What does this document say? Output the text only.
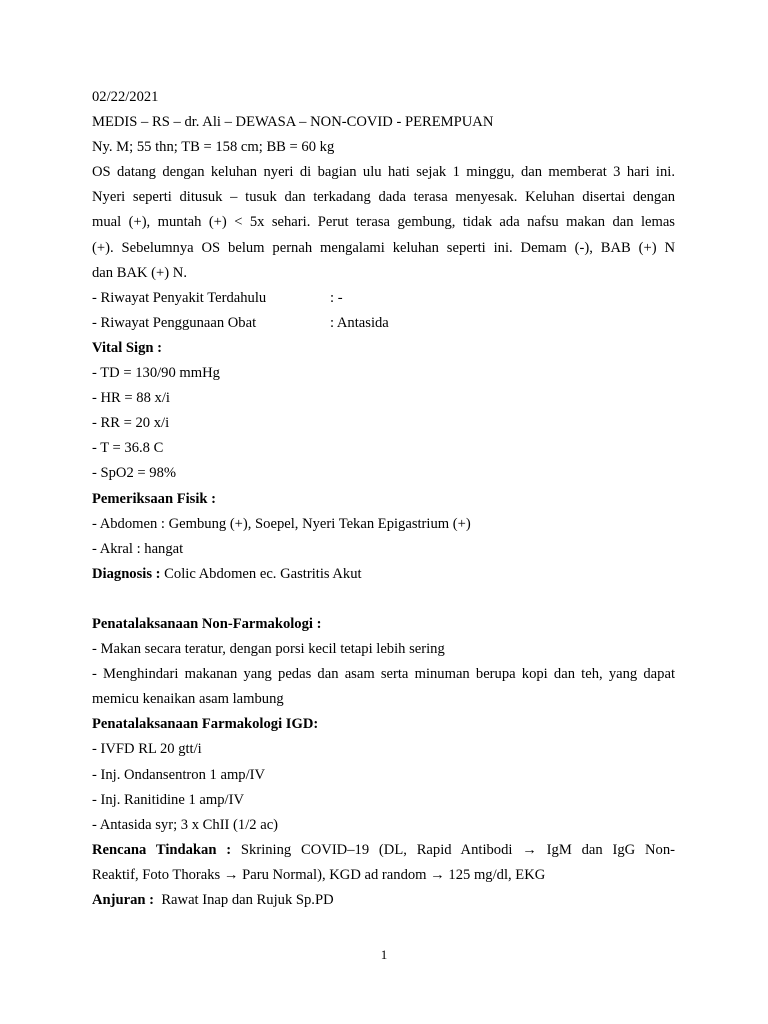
02/22/2021
MEDIS – RS – dr. Ali – DEWASA – NON-COVID - PEREMPUAN
Ny. M; 55 thn; TB = 158 cm; BB = 60 kg
OS datang dengan keluhan nyeri di bagian ulu hati sejak 1 minggu, dan memberat 3 hari ini.
Nyeri seperti ditusuk – tusuk dan terkadang dada terasa menyesak. Keluhan disertai dengan
mual (+), muntah (+) < 5x sehari. Perut terasa gembung, tidak ada nafsu makan dan lemas
(+). Sebelumnya OS belum pernah mengalami keluhan seperti ini. Demam (-), BAB (+) N
dan BAK (+) N.
- Riwayat Penyakit Terdahulu	: -
- Riwayat Penggunaan Obat	: Antasida
Vital Sign :
- TD = 130/90 mmHg
- HR = 88 x/i
- RR = 20 x/i
- T = 36.8 C
- SpO2 = 98%
Pemeriksaan Fisik :
- Abdomen : Gembung (+), Soepel, Nyeri Tekan Epigastrium (+)
- Akral : hangat
Diagnosis : Colic Abdomen ec. Gastritis Akut
Penatalaksanaan Non-Farmakologi :
- Makan secara teratur, dengan porsi kecil tetapi lebih sering
- Menghindari makanan yang pedas dan asam serta minuman berupa kopi dan teh, yang dapat
memicu kenaikan asam lambung
Penatalaksanaan Farmakologi IGD:
- IVFD RL 20 gtt/i
- Inj. Ondansentron 1 amp/IV
- Inj. Ranitidine 1 amp/IV
- Antasida syr; 3 x ChII (1/2 ac)
Rencana Tindakan : Skrining COVID–19 (DL, Rapid Antibodi → IgM dan IgG Non-
Reaktif, Foto Thoraks → Paru Normal), KGD ad random → 125 mg/dl, EKG
Anjuran :  Rawat Inap dan Rujuk Sp.PD
1
